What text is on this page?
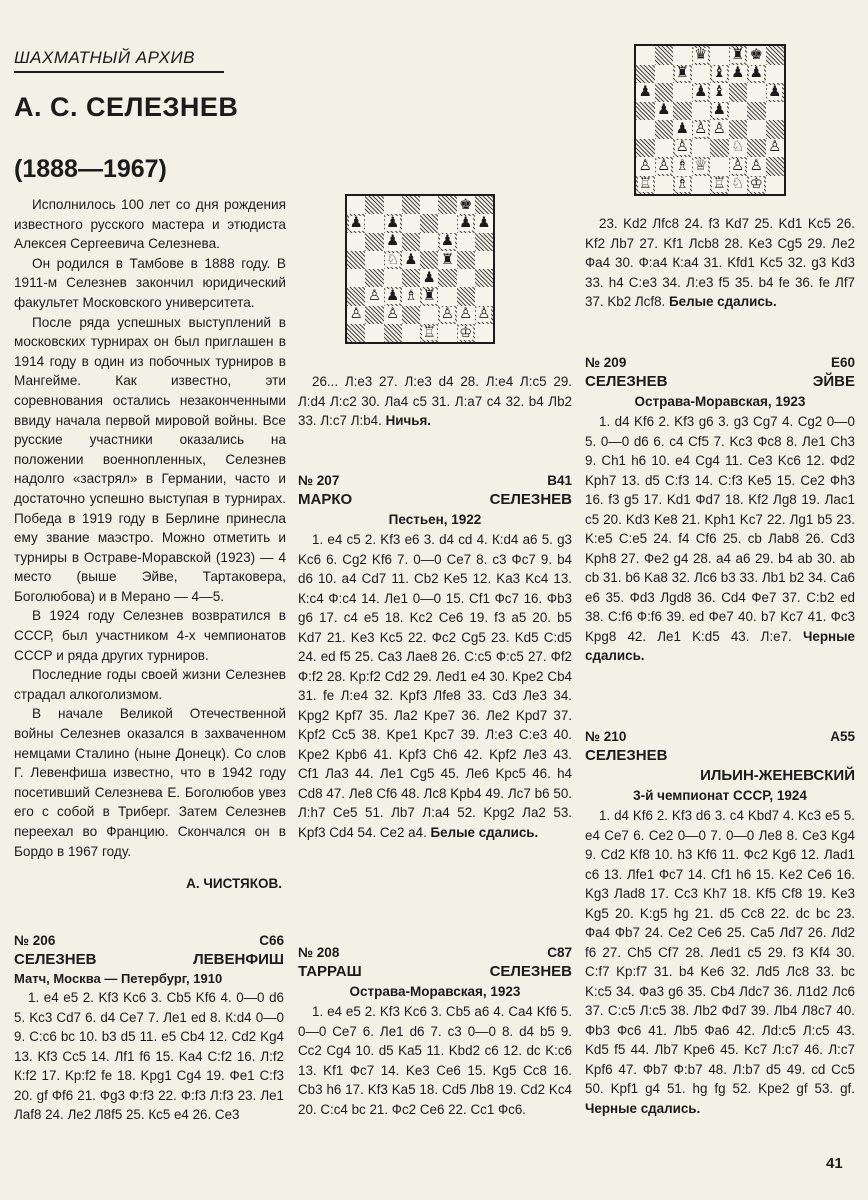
ШАХМАТНЫЙ АРХИВ
А. С. СЕЛЕЗНЕВ
(1888—1967)

Исполнилось 100 лет со дня рождения известного русского мастера и этюдиста Алексея Сергеевича Селезнева.

Он родился в Тамбове в 1888 году. В 1911-м Селезнев закончил юридический факультет Московского университета.

После ряда успешных выступлений в московских турнирах он был приглашен в 1914 году в один из побочных турниров в Мангейме. Как известно, эти соревнования остались незаконченными ввиду начала первой мировой войны. Все русские участники оказались на положении военнопленных, Селезнев надолго «застрял» в Германии, часто и достаточно успешно выступая в турнирах. Победа в 1919 году в Берлине принесла ему звание маэстро. Можно отметить и турниры в Остраве-Моравской (1923) — 4 место (выше Эйве, Тартаковера, Боголюбова) и в Мерано — 4—5.

В 1924 году Селезнев возвратился в СССР, был участником 4-х чемпионатов СССР и ряда других турниров.

Последние годы своей жизни Селезнев страдал алкоголизмом.

В начале Великой Отечественной войны Селезнев оказался в захваченном немцами Сталино (ныне Донецк). Со слов Г. Левенфиша известно, что в 1942 году посетивший Селезнева Е. Боголюбов увез его с собой в Триберг. Затем Селезнев переехал во Францию. Скончался он в Бордо в 1967 году.

А. ЧИСТЯКОВ.
№ 206	C66
СЕЛЕЗНЕВ	ЛЕВЕНФИШ
Матч, Москва — Петербург, 1910

1. e4 e5 2. Kf3 Kc6 3. Cb5 Kf6 4. 0—0 d6 5. Kc3 Cd7 6. d4 Ce7 7. Ле1 ed 8. К:d4 0—0 9. С:с6 bc 10. b3 d5 11. e5 Cb4 12. Cd2 Kg4 13. Kf3 Cc5 14. Лf1 f6 15. Ka4 C:f2 16. Л:f2 К:f2 17. Kp:f2 fe 18. Kpg1 Cg4 19. Фе1 С:f3 20. gf Фf6 21. Фg3 Ф:f3 22. Ф:f3 Л:f3 23. Ле1 Лаf8 24. Ле2 Л8f5 25. Кс5 e4 26. Се3

♚
♟ ♟	♟ ♟
♟	♟
♘ ♟ ♜
♟
♙ ♟ ♗ ♜
♙ ♙	♙ ♙ ♙
♖ ♔

26... Л:е3 27. Л:е3 d4 28. Л:е4 Л:с5 29. Л:d4 Л:с2 30. Ла4 с5 31. Л:а7 с4 32. b4 Лb2 33. Л:с7 Л:b4. Ничья.

№ 207	B41
МАРКО	СЕЛЕЗНЕВ
Пестьен, 1922

1. e4 c5 2. Kf3 e6 3. d4 cd 4. К:d4 a6 5. g3 Kc6 6. Cg2 Kf6 7. 0—0 Ce7 8. c3 Фс7 9. b4 d6 10. a4 Cd7 11. Cb2 Ke5 12. Ka3 Kc4 13. К:с4 Ф:с4 14. Ле1 0—0 15. Cf1 Фс7 16. Фb3 g6 17. c4 e5 18. Kc2 Ce6 19. f3 a5 20. b5 Kd7 21. Ke3 Kc5 22. Фс2 Cg5 23. Kd5 C:d5 24. ed f5 25. Ca3 Лае8 26. C:c5 Ф:c5 27. Фf2 Ф:f2 28. Kp:f2 Cd2 29. Лed1 e4 30. Kpe2 Cb4 31. fe Л:е4 32. Kpf3 Лfe8 33. Cd3 Ле3 34. Kpg2 Kpf7 35. Ла2 Kpe7 36. Ле2 Kpd7 37. Kpf2 Cc5 38. Kpe1 Kpc7 39. Л:е3 С:е3 40. Kpe2 Kpb6 41. Kpf3 Ch6 42. Kpf2 Ле3 43. Cf1 Ла3 44. Ле1 Cg5 45. Ле6 Kpc5 46. h4 Cd8 47. Ле8 Cf6 48. Лc8 Kpb4 49. Лc7 b6 50. Л:h7 Ce5 51. Лb7 Л:а4 52. Kpg2 Ла2 53. Kpf3 Cd4 54. Ce2 a4. Белые сдались.

№ 208	C87
ТАРРАШ	СЕЛЕЗНЕВ
Острава-Моравская, 1923

1. e4 e5 2. Kf3 Kc6 3. Cb5 a6 4. Ca4 Kf6 5. 0—0 Ce7 6. Ле1 d6 7. c3 0—0 8. d4 b5 9. Cc2 Cg4 10. d5 Ka5 11. Kbd2 c6 12. dc K:c6 13. Kf1 Фс7 14. Ke3 Ce6 15. Kg5 Cc8 16. Cb3 h6 17. Kf3 Ka5 18. Cd5 Лb8 19. Cd2 Kc4 20. C:c4 bc 21. Фс2 Ce6 22. Cc1 Фс6.

♛ ♜ ♚
♜ ♝ ♟ ♟
♟	♟ ♝	♟
♟	♟
♟ ♙ ♙
♙	♘ ♙
♙ ♙ ♗ ♕ ♙ ♙
♖ ♗ ♖ ♘ ♔

23. Kd2 Лfc8 24. f3 Kd7 25. Kd1 Kc5 26. Kf2 Лb7 27. Kf1 Лсb8 28. Ke3 Cg5 29. Ле2 Фа4 30. Ф:а4 К:а4 31. Kfd1 Kc5 32. g3 Kd3 33. h4 C:e3 34. Л:е3 f5 35. b4 fe 36. fe Лf7 37. Kb2 Лсf8. Белые сдались.

№ 209	E60
СЕЛЕЗНЕВ	ЭЙВЕ
Острава-Моравская, 1923

1. d4 Kf6 2. Kf3 g6 3. g3 Cg7 4. Cg2 0—0 5. 0—0 d6 6. c4 Cf5 7. Kc3 Фс8 8. Ле1 Ch3 9. Ch1 h6 10. e4 Cg4 11. Ce3 Kc6 12. Фd2 Kph7 13. d5 C:f3 14. C:f3 Ke5 15. Ce2 Фh3 16. f3 g5 17. Kd1 Фd7 18. Kf2 Лg8 19. Лас1 c5 20. Kd3 Ke8 21. Kph1 Kc7 22. Лg1 b5 23. K:e5 C:e5 24. f4 Cf6 25. cb Лab8 26. Cd3 Kph8 27. Фе2 g4 28. a4 a6 29. b4 ab 30. ab cb 31. b6 Ka8 32. Лс6 b3 33. Лb1 b2 34. Ca6 e6 35. Фd3 Лgd8 36. Cd4 Фе7 37. C:b2 ed 38. C:f6 Ф:f6 39. ed Фе7 40. b7 Kc7 41. Фс3 Kpg8 42. Ле1 K:d5 43. Л:е7. Черные сдались.

№ 210	A55
СЕЛЕЗНЕВ
ИЛЬИН-ЖЕНЕВСКИЙ
3-й чемпионат СССР, 1924

1. d4 Kf6 2. Kf3 d6 3. c4 Kbd7 4. Kc3 e5 5. e4 Ce7 6. Ce2 0—0 7. 0—0 Ле8 8. Ce3 Kg4 9. Cd2 Kf8 10. h3 Kf6 11. Фс2 Kg6 12. Лаd1 c6 13. Лfe1 Фс7 14. Cf1 h6 15. Ke2 Ce6 16. Kg3 Лаd8 17. Cc3 Kh7 18. Kf5 Cf8 19. Ke3 Kg5 20. K:g5 hg 21. d5 Cc8 22. dc bc 23. Фа4 Фb7 24. Ce2 Ce6 25. Ca5 Лd7 26. Лd2 f6 27. Ch5 Cf7 28. Лed1 c5 29. f3 Kf4 30. C:f7 Kp:f7 31. b4 Ke6 32. Лd5 Лc8 33. bc K:c5 34. Фа3 g6 35. Cb4 Лdc7 36. Л1d2 Лc6 37. C:c5 Л:c5 38. Лb2 Фd7 39. Лb4 Л8с7 40. Фb3 Фс6 41. Лb5 Фа6 42. Лd:c5 Л:с5 43. Kd5 f5 44. Лb7 Kpe6 45. Kc7 Л:с7 46. Л:с7 Kpf6 47. Фb7 Ф:b7 48. Л:b7 d5 49. cd Cc5 50. Kpf1 g4 51. hg fg 52. Kpe2 gf 53. gf. Черные сдались.

41
